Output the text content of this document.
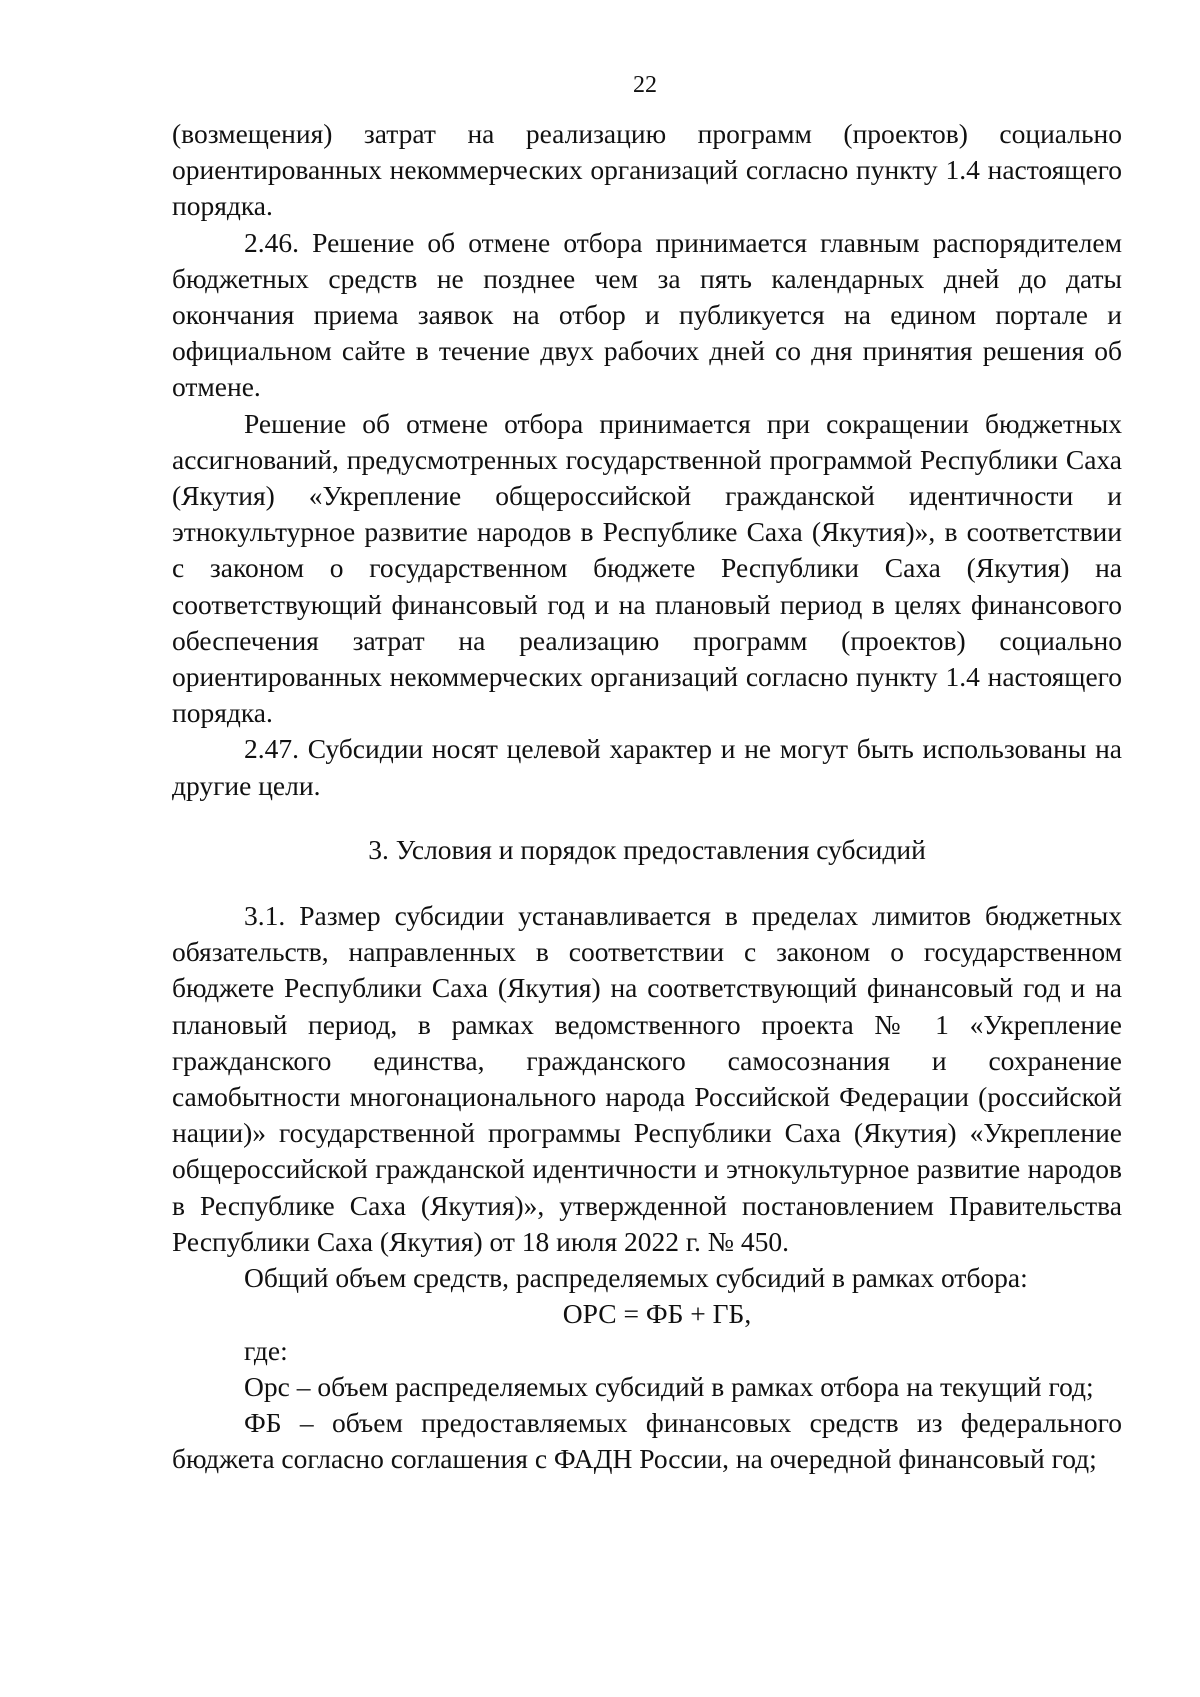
22

(возмещения) затрат на реализацию программ (проектов) социально ориентированных некоммерческих организаций согласно пункту 1.4 настоящего порядка.

2.46. Решение об отмене отбора принимается главным распорядителем бюджетных средств не позднее чем за пять календарных дней до даты окончания приема заявок на отбор и публикуется на едином портале и официальном сайте в течение двух рабочих дней со дня принятия решения об отмене.

Решение об отмене отбора принимается при сокращении бюджетных ассигнований, предусмотренных государственной программой Республики Саха (Якутия) «Укрепление общероссийской гражданской идентичности и этнокультурное развитие народов в Республике Саха (Якутия)», в соответствии с законом о государственном бюджете Республики Саха (Якутия) на соответствующий финансовый год и на плановый период в целях финансового обеспечения затрат на реализацию программ (проектов) социально ориентированных некоммерческих организаций согласно пункту 1.4 настоящего порядка.

2.47. Субсидии носят целевой характер и не могут быть использованы на другие цели.

3. Условия и порядок предоставления субсидий

3.1. Размер субсидии устанавливается в пределах лимитов бюджетных обязательств, направленных в соответствии с законом о государственном бюджете Республики Саха (Якутия) на соответствующий финансовый год и на плановый период, в рамках ведомственного проекта № 1 «Укрепление гражданского единства, гражданского самосознания и сохранение самобытности многонационального народа Российской Федерации (российской нации)» государственной программы Республики Саха (Якутия) «Укрепление общероссийской гражданской идентичности и этнокультурное развитие народов в Республике Саха (Якутия)», утвержденной постановлением Правительства Республики Саха (Якутия) от 18 июля 2022 г. № 450.

Общий объем средств, распределяемых субсидий в рамках отбора:

ОРС = ФБ + ГБ,

где:

Орс – объем распределяемых субсидий в рамках отбора на текущий год;

ФБ – объем предоставляемых финансовых средств из федерального бюджета согласно соглашения с ФАДН России, на очередной финансовый год;
